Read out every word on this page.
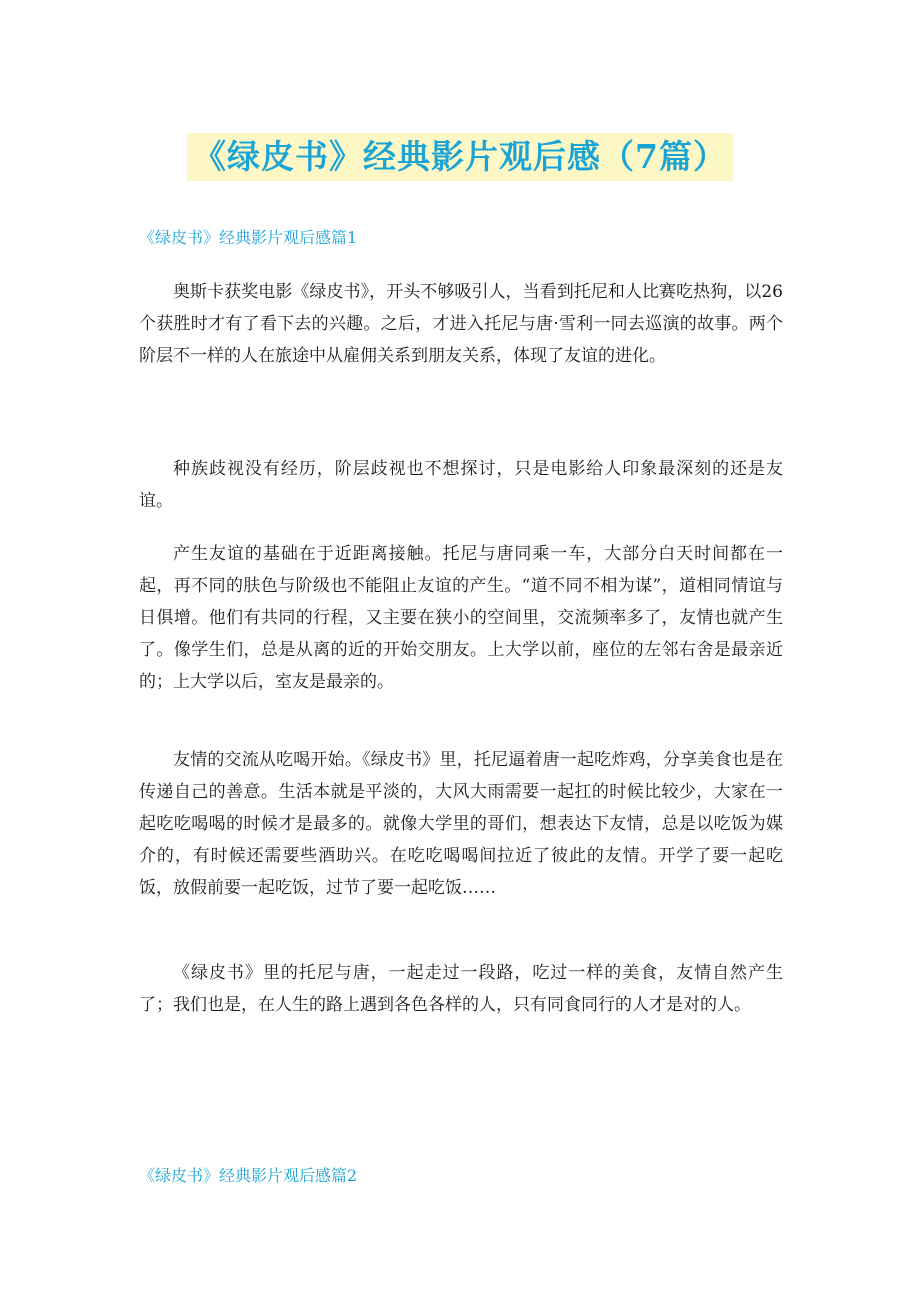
《绿皮书》经典影片观后感（7篇）
《绿皮书》经典影片观后感篇1

奥斯卡获奖电影《绿皮书》，开头不够吸引人，当看到托尼和人比赛吃热狗，以26个获胜时才有了看下去的兴趣。之后，才进入托尼与唐·雪利一同去巡演的故事。两个阶层不一样的人在旅途中从雇佣关系到朋友关系，体现了友谊的进化。

种族歧视没有经历，阶层歧视也不想探讨，只是电影给人印象最深刻的还是友谊。

产生友谊的基础在于近距离接触。托尼与唐同乘一车，大部分白天时间都在一起，再不同的肤色与阶级也不能阻止友谊的产生。“道不同不相为谋”，道相同情谊与日俱增。他们有共同的行程，又主要在狭小的空间里，交流频率多了，友情也就产生了。像学生们，总是从离的近的开始交朋友。上大学以前，座位的左邻右舍是最亲近的；上大学以后，室友是最亲的。

友情的交流从吃喝开始。《绿皮书》里，托尼逼着唐一起吃炸鸡，分享美食也是在传递自己的善意。生活本就是平淡的，大风大雨需要一起扛的时候比较少，大家在一起吃吃喝喝的时候才是最多的。就像大学里的哥们，想表达下友情，总是以吃饭为媒介的，有时候还需要些酒助兴。在吃吃喝喝间拉近了彼此的友情。开学了要一起吃饭，放假前要一起吃饭，过节了要一起吃饭……

《绿皮书》里的托尼与唐，一起走过一段路，吃过一样的美食，友情自然产生了；我们也是，在人生的路上遇到各色各样的人，只有同食同行的人才是对的人。

《绿皮书》经典影片观后感篇2
